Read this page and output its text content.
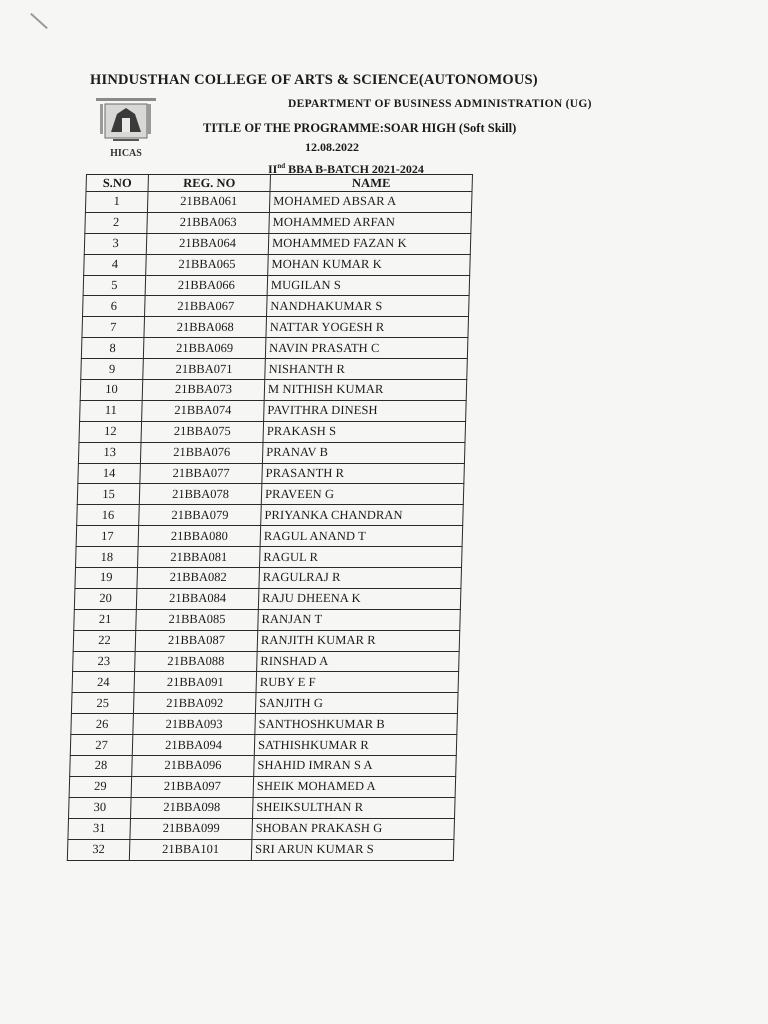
HINDUSTHAN COLLEGE OF ARTS & SCIENCE(AUTONOMOUS)
HICAS
DEPARTMENT OF BUSINESS ADMINISTRATION (UG)
TITLE OF THE PROGRAMME:SOAR HIGH (Soft Skill)
12.08.2022
IInd BBA B-BATCH 2021-2024
S.NO	REG. NO	NAME
1	21BBA061	MOHAMED ABSAR A
2	21BBA063	MOHAMMED ARFAN
3	21BBA064	MOHAMMED FAZAN K
4	21BBA065	MOHAN KUMAR K
5	21BBA066	MUGILAN S
6	21BBA067	NANDHAKUMAR S
7	21BBA068	NATTAR YOGESH R
8	21BBA069	NAVIN PRASATH C
9	21BBA071	NISHANTH R
10	21BBA073	M NITHISH KUMAR
11	21BBA074	PAVITHRA DINESH
12	21BBA075	PRAKASH S
13	21BBA076	PRANAV B
14	21BBA077	PRASANTH R
15	21BBA078	PRAVEEN G
16	21BBA079	PRIYANKA CHANDRAN
17	21BBA080	RAGUL ANAND T
18	21BBA081	RAGUL R
19	21BBA082	RAGULRAJ R
20	21BBA084	RAJU DHEENA K
21	21BBA085	RANJAN T
22	21BBA087	RANJITH KUMAR R
23	21BBA088	RINSHAD A
24	21BBA091	RUBY E F
25	21BBA092	SANJITH G
26	21BBA093	SANTHOSHKUMAR B
27	21BBA094	SATHISHKUMAR R
28	21BBA096	SHAHID IMRAN S A
29	21BBA097	SHEIK MOHAMED A
30	21BBA098	SHEIKSULTHAN R
31	21BBA099	SHOBAN PRAKASH G
32	21BBA101	SRI ARUN KUMAR S
